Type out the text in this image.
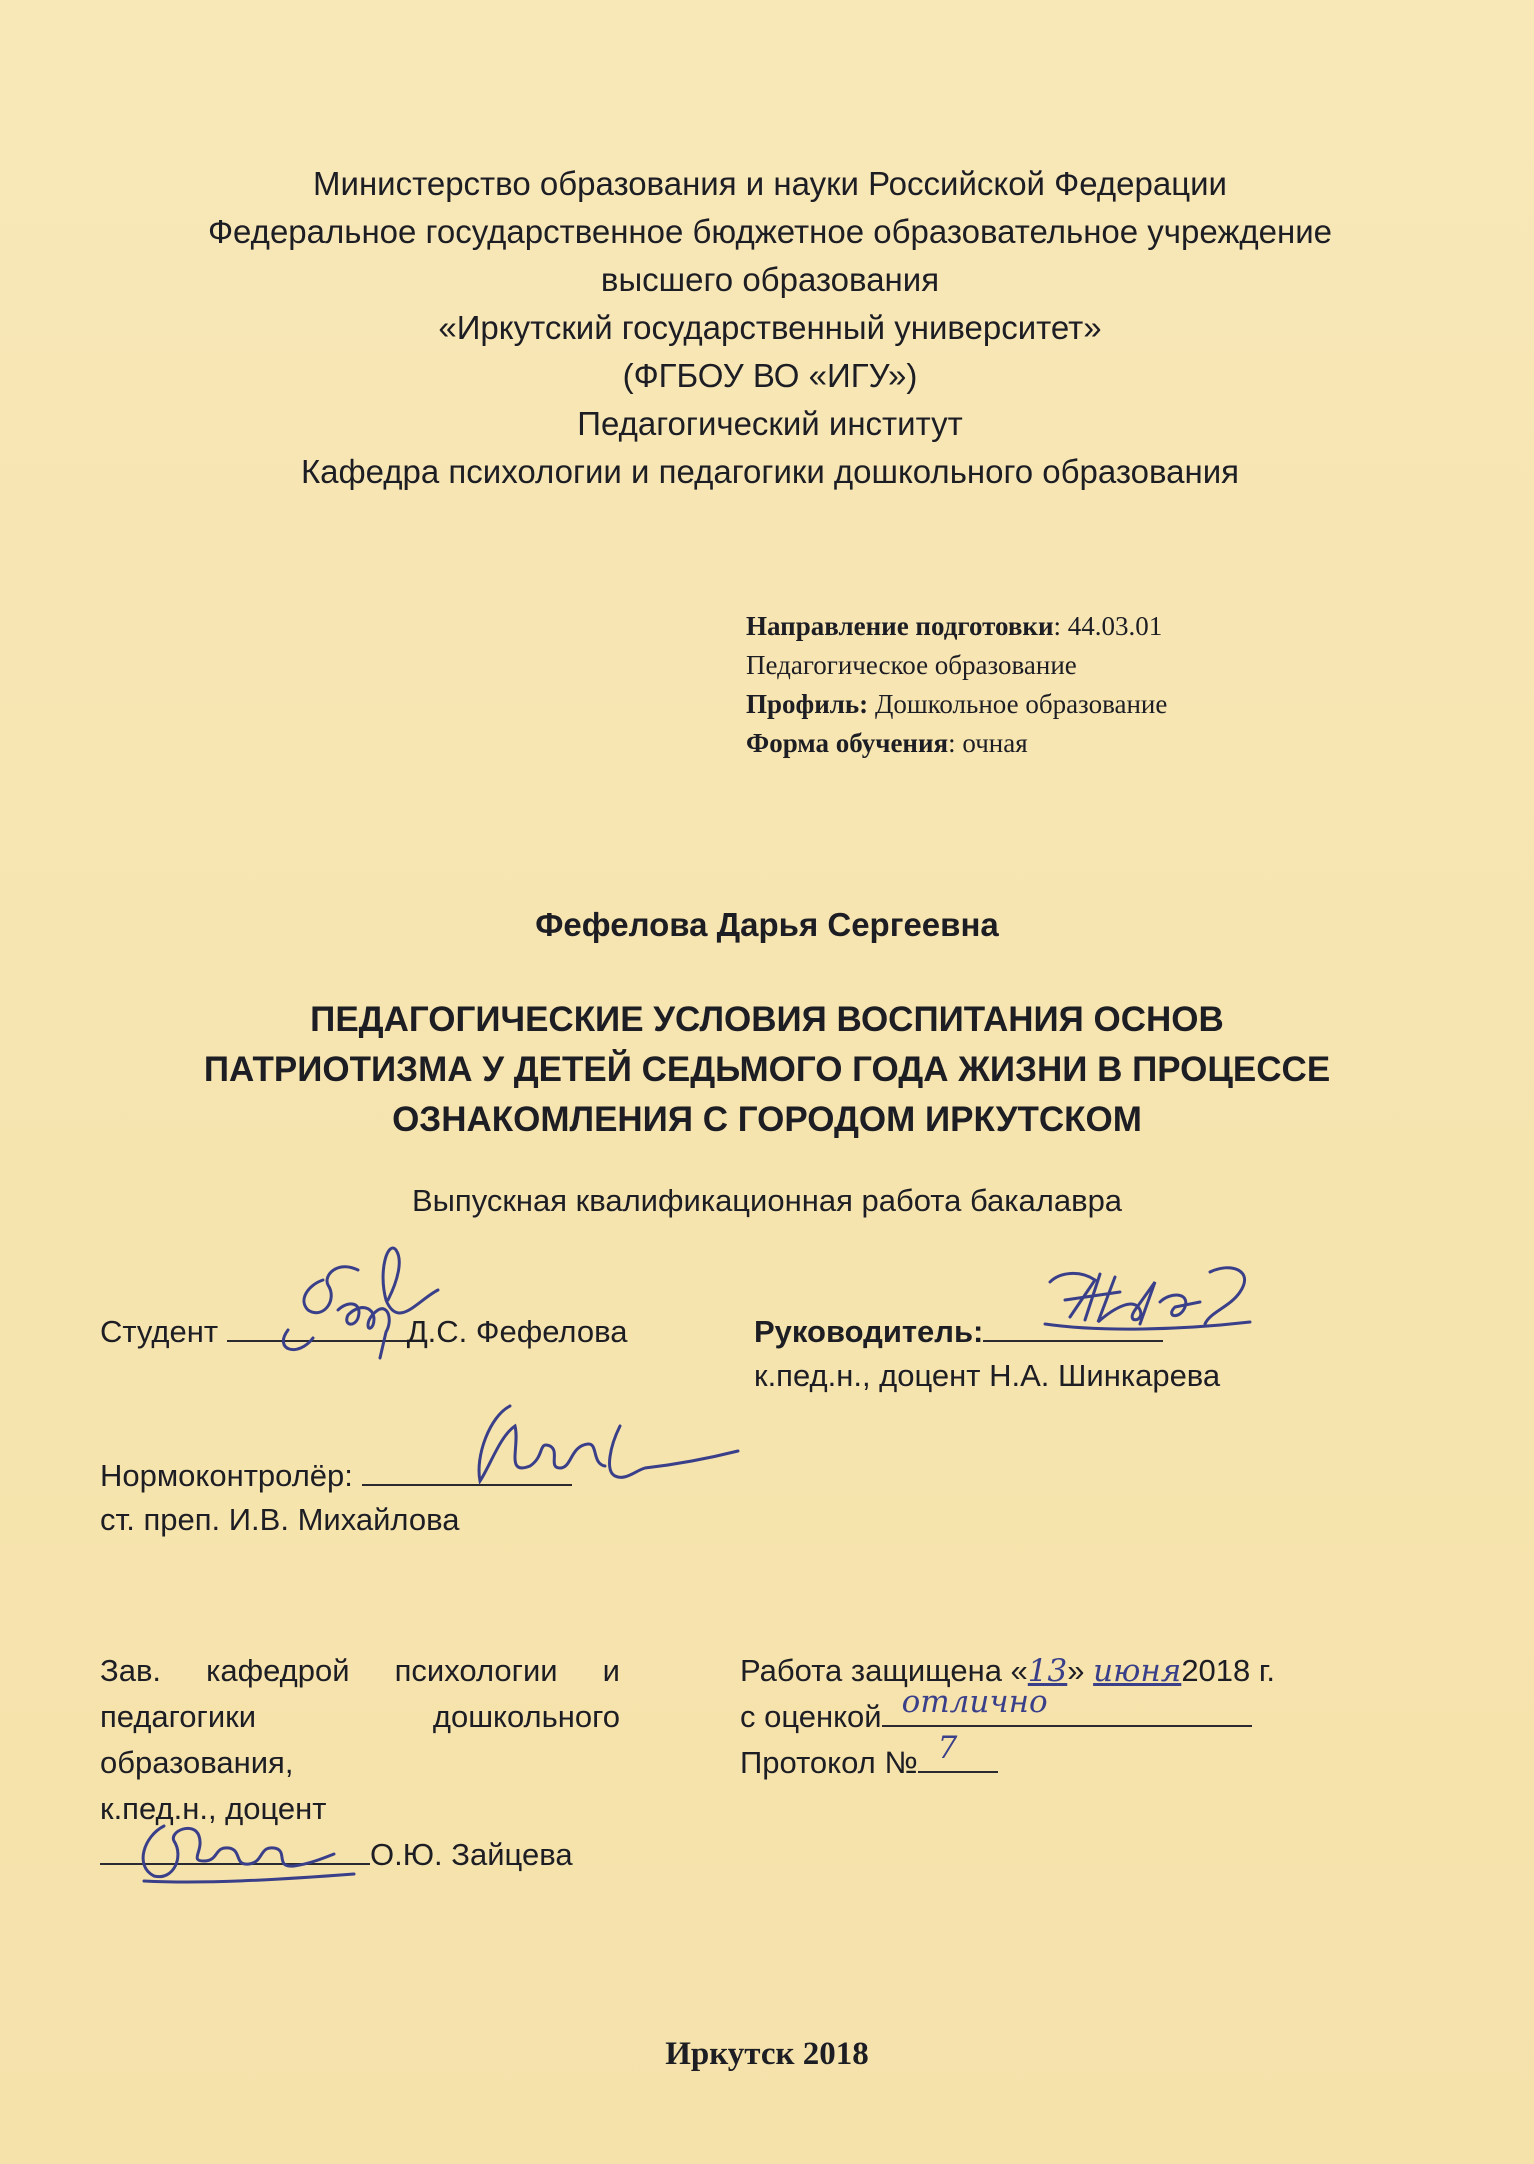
Министерство образования и науки Российской Федерации
Федеральное государственное бюджетное образовательное учреждение
высшего образования
«Иркутский государственный университет»
(ФГБОУ ВО «ИГУ»)
Педагогический институт
Кафедра психологии и педагогики дошкольного образования
Направление подготовки: 44.03.01
Педагогическое образование
Профиль: Дошкольное образование
Форма обучения: очная
Фефелова Дарья Сергеевна
ПЕДАГОГИЧЕСКИЕ УСЛОВИЯ ВОСПИТАНИЯ ОСНОВ
ПАТРИОТИЗМА У ДЕТЕЙ СЕДЬМОГО ГОДА ЖИЗНИ В ПРОЦЕССЕ
ОЗНАКОМЛЕНИЯ С ГОРОДОМ ИРКУТСКОМ
Выпускная квалификационная работа бакалавра
Студент	Д.С. Фефелова	Руководитель:
к.пед.н., доцент Н.А. Шинкарева
Нормоконтролёр:
ст. преп. И.В. Михайлова
Зав. кафедрой психологии и
педагогики	дошкольного
образования,
к.пед.н., доцент
О.Ю. Зайцева
Работа защищена «13» июня2018 г.
с оценкой отлично
Протокол № 7
Иркутск 2018
